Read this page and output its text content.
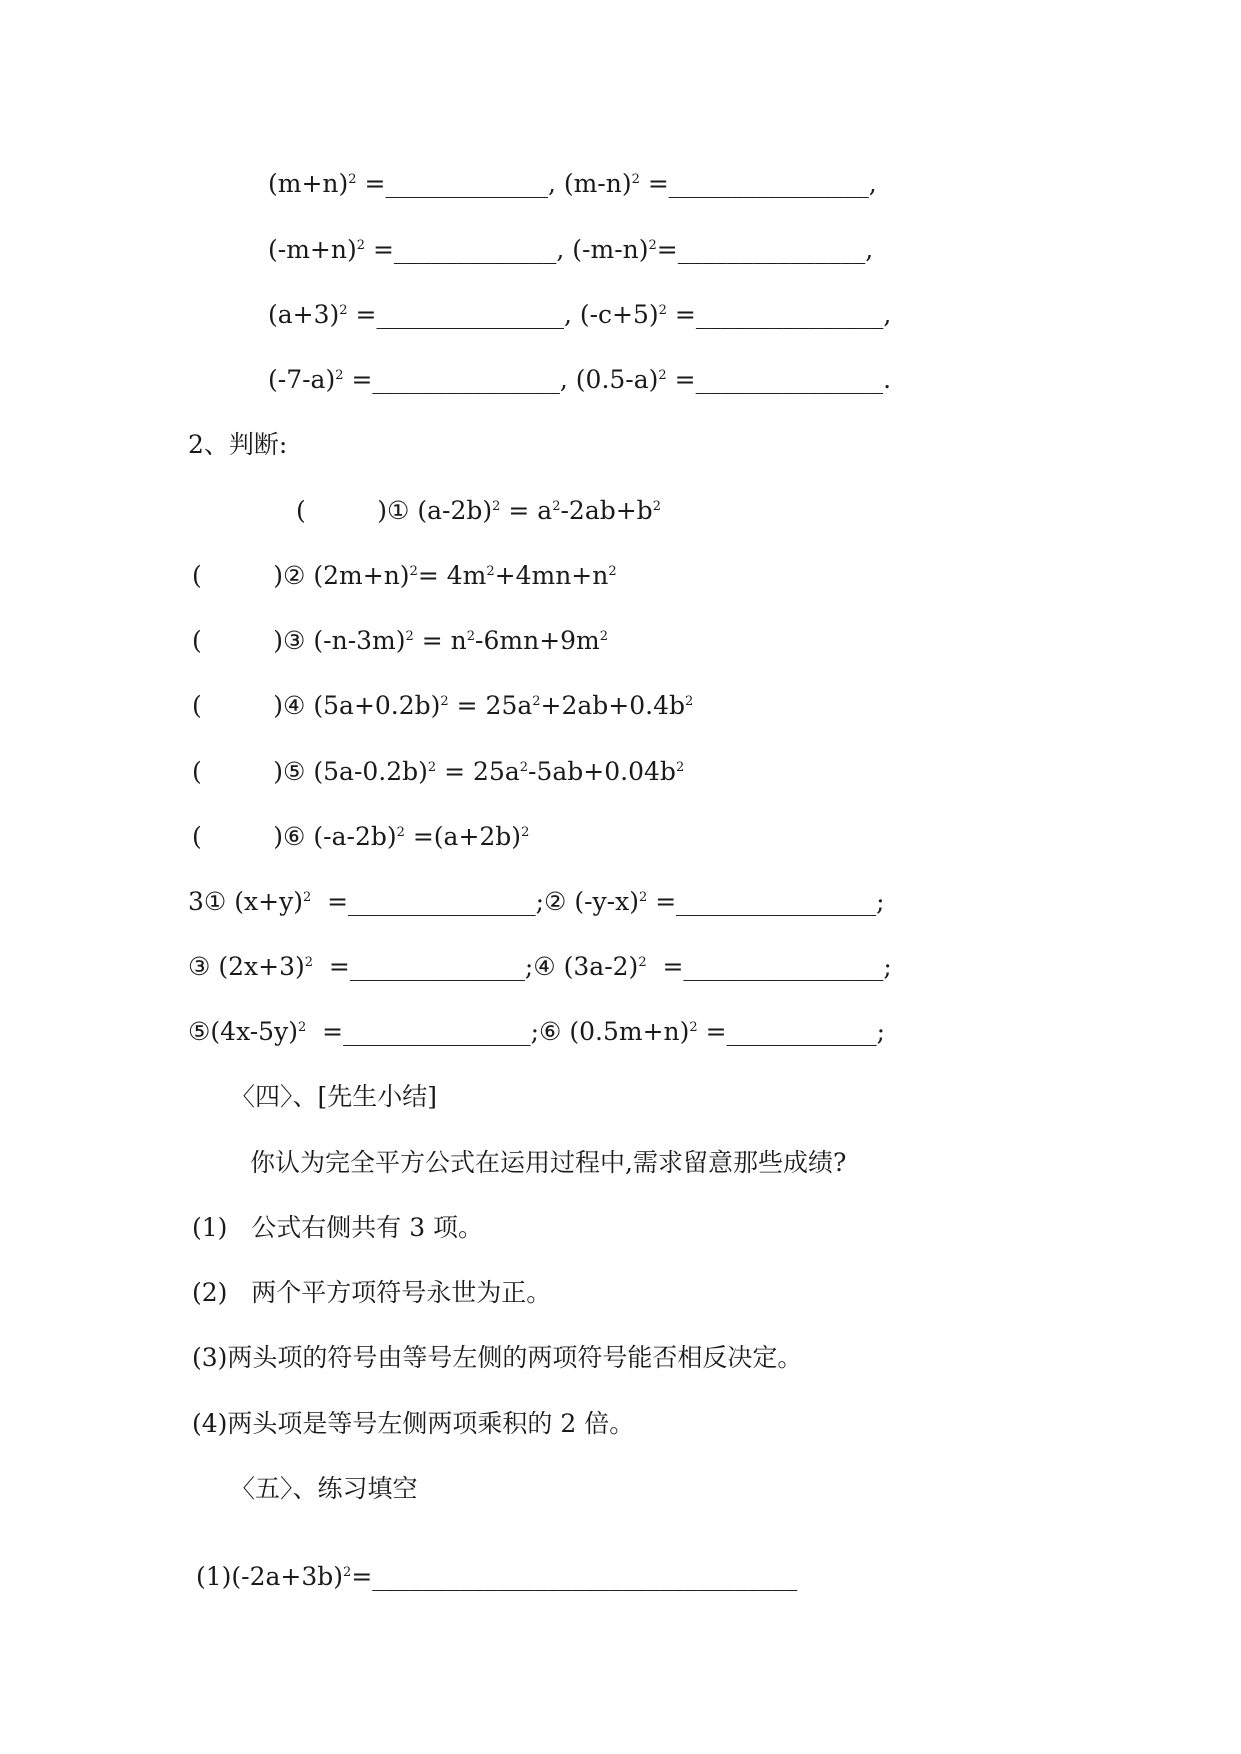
$(m+n)^2$ =_____________, $(m-n)^2$ =________________,
$(-m+n)^2$ =_____________, $(-m-n)^2=\_\_\_\_\_\_\_\_\_\_\_\_\_\_\_$,
$(a+3)^2$ =_______________, $(-c+5)^2$ =_______________,
$(-7-a)^2$ =_______________, $(0.5-a)^2$ =_______________.
2、判断:
(         )① $(a-2b)^2 = a^2-2ab+b^2$
(         )② $(2m+n)^2= 4m^2+4mn+n^2$
(         )③ $(-n-3m)^2 = n^2-6mn+9m^2$
(         )④ $(5a+0.2b)^2 = 25a^2+2ab+0.4b^2$
(         )⑤ $(5a-0.2b)^2 = 25a^2-5ab+0.04b^2$
(         )⑥ $(-a-2b)^2 =(a+2b)^2$
3① $(x+y)^2$  =_______________;② $(-y-x)^2$ =________________;
③ $(2x+3)^2$  =______________;④ $(3a-2)^2$  =________________;
$⑤(4x-5y)^2$  =_______________;⑥ $(0.5m+n)^2$ =____________;
〈四〉、[先生小结]
你认为完全平方公式在运用过程中,需求留意那些成绩?
(1)   公式右侧共有 3 项。
(2)   两个平方项符号永世为正。
(3)两头项的符号由等号左侧的两项符号能否相反决定。
(4)两头项是等号左侧两项乘积的 2 倍。
〈五〉、练习填空
$(1)(-2a+3b)^2=\_\_\_\_\_\_\_\_\_\_\_\_\_\_\_\_\_\_\_\_\_\_\_\_\_\_\_\_\_\_\_\_\_\_$
